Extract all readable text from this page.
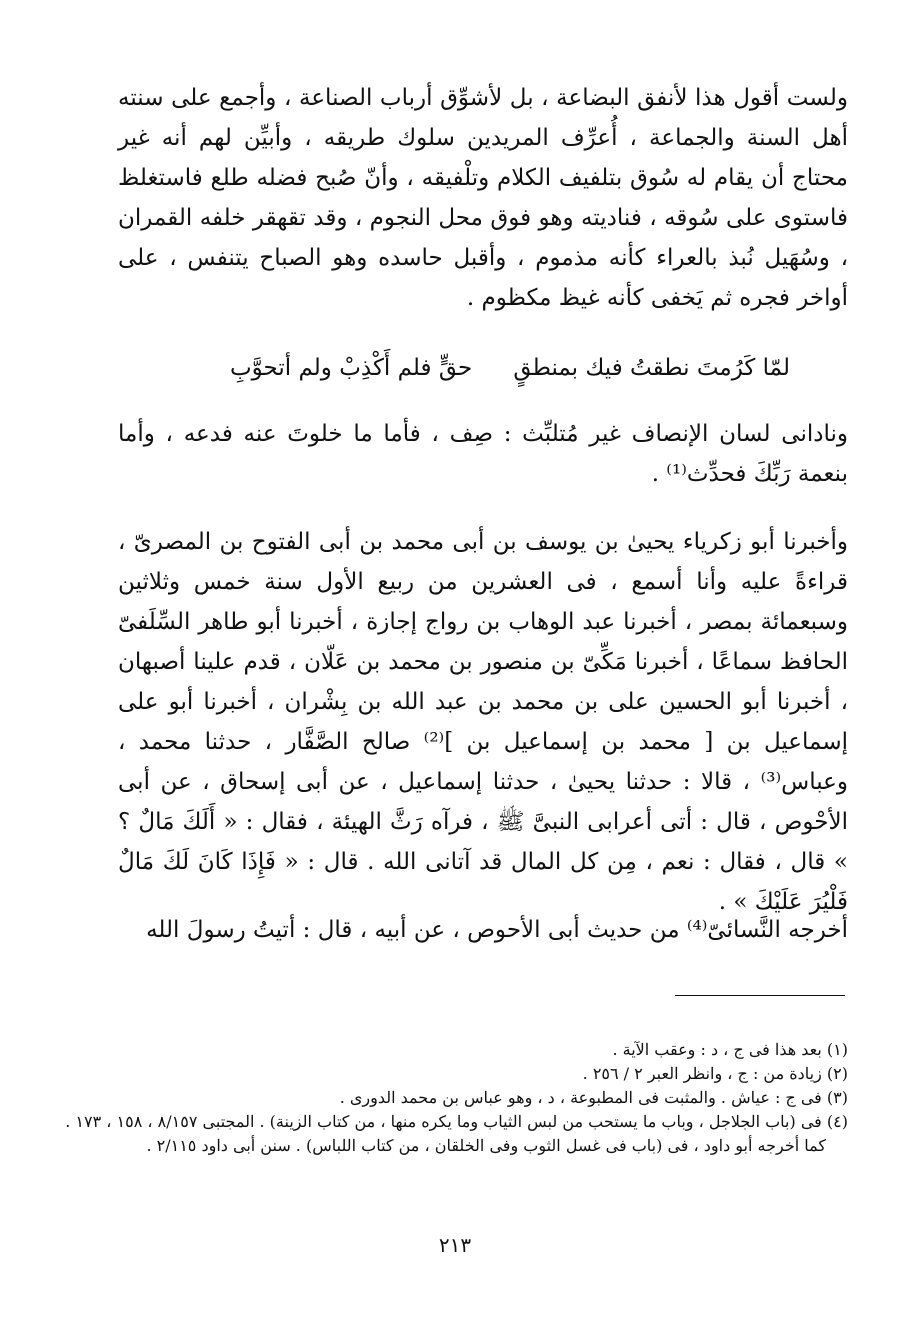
ولست أقول هذا لأنفق البضاعة ، بل لأشوِّق أرباب الصناعة ، وأجمع على سنته أهل السنة والجماعة ، أُعرِّف المريدين سلوك طريقه ، وأبيِّن لهم أنه غير محتاج أن يقام له سُوق بتلفيف الكلام وتلْفيقه ، وأنّ صُبح فضله طلع فاستغلظ فاستوى على سُوقه ، فناديته وهو فوق محل النجوم ، وقد تقهقر خلفه القمران ، وسُهَيل نُبذ بالعراء كأنه مذموم ، وأقبل حاسده وهو الصباح يتنفس ، على أواخر فجره ثم يَخفى كأنه غيظ مكظوم .

لمّا كَرُمتَ نطقتُ فيك بمنطقٍ
حقٍّ فلم أَكْذِبْ ولم أتحوَّبِ

ونادانى لسان الإنصاف غير مُتلبِّث : صِف ، فأما ما خلوتَ عنه فدعه ، وأما بنعمة رَبِّكَ فحدِّث⁽¹⁾ .

وأخبرنا أبو زكرياء يحيىٰ بن يوسف بن أبى محمد بن أبى الفتوح بن المصرىّ ، قراءةً عليه وأنا أسمع ، فى العشرين من ربيع الأول سنة خمس وثلاثين وسبعمائة بمصر ، أخبرنا عبد الوهاب بن رواج إجازة ، أخبرنا أبو طاهر السِّلَفىّ الحافظ سماعًا ، أخبرنا مَكِّىّ بن منصور بن محمد بن عَلّان ، قدم علينا أصبهان ، أخبرنا أبو الحسين على بن محمد بن عبد الله بن بِشْران ، أخبرنا أبو على إسماعيل بن [ محمد بن إسماعيل بن ]⁽²⁾ صالح الصَّفَّار ، حدثنا محمد ، وعباس⁽³⁾ ، قالا : حدثنا يحيىٰ ، حدثنا إسماعيل ، عن أبى إسحاق ، عن أبى الأحْوص ، قال : أتى أعرابى النبىَّ ﷺ ، فرآه رَثَّ الهيئة ، فقال : « أَلَكَ مَالٌ ؟ » قال ، فقال : نعم ، مِن كل المال قد آتانى الله . قال : « فَإِذَا كَانَ لَكَ مَالٌ فَلْيُرَ عَلَيْكَ » .

أخرجه النَّسائىّ⁽⁴⁾ من حديث أبى الأحوص ، عن أبيه ، قال : أتيتُ رسولَ الله

(١) بعد هذا فى ج ، د : وعقب الآية .
(٢) زيادة من : ج ، وانظر العبر ٢ / ٢٥٦ .
(٣) فى ج : عياش . والمثبت فى المطبوعة ، د ، وهو عباس بن محمد الدورى .
(٤) فى (باب الجلاجل ، وباب ما يستحب من لبس الثياب وما يكره منها ، من كتاب الزينة) . المجتبى ٨/١٥٧ ، ١٥٨ ، ١٧٣ .
كما أخرجه أبو داود ، فى (باب فى غسل الثوب وفى الخلقان ، من كتاب اللباس) . سنن أبى داود ٢/١١٥ .
٢١٣
